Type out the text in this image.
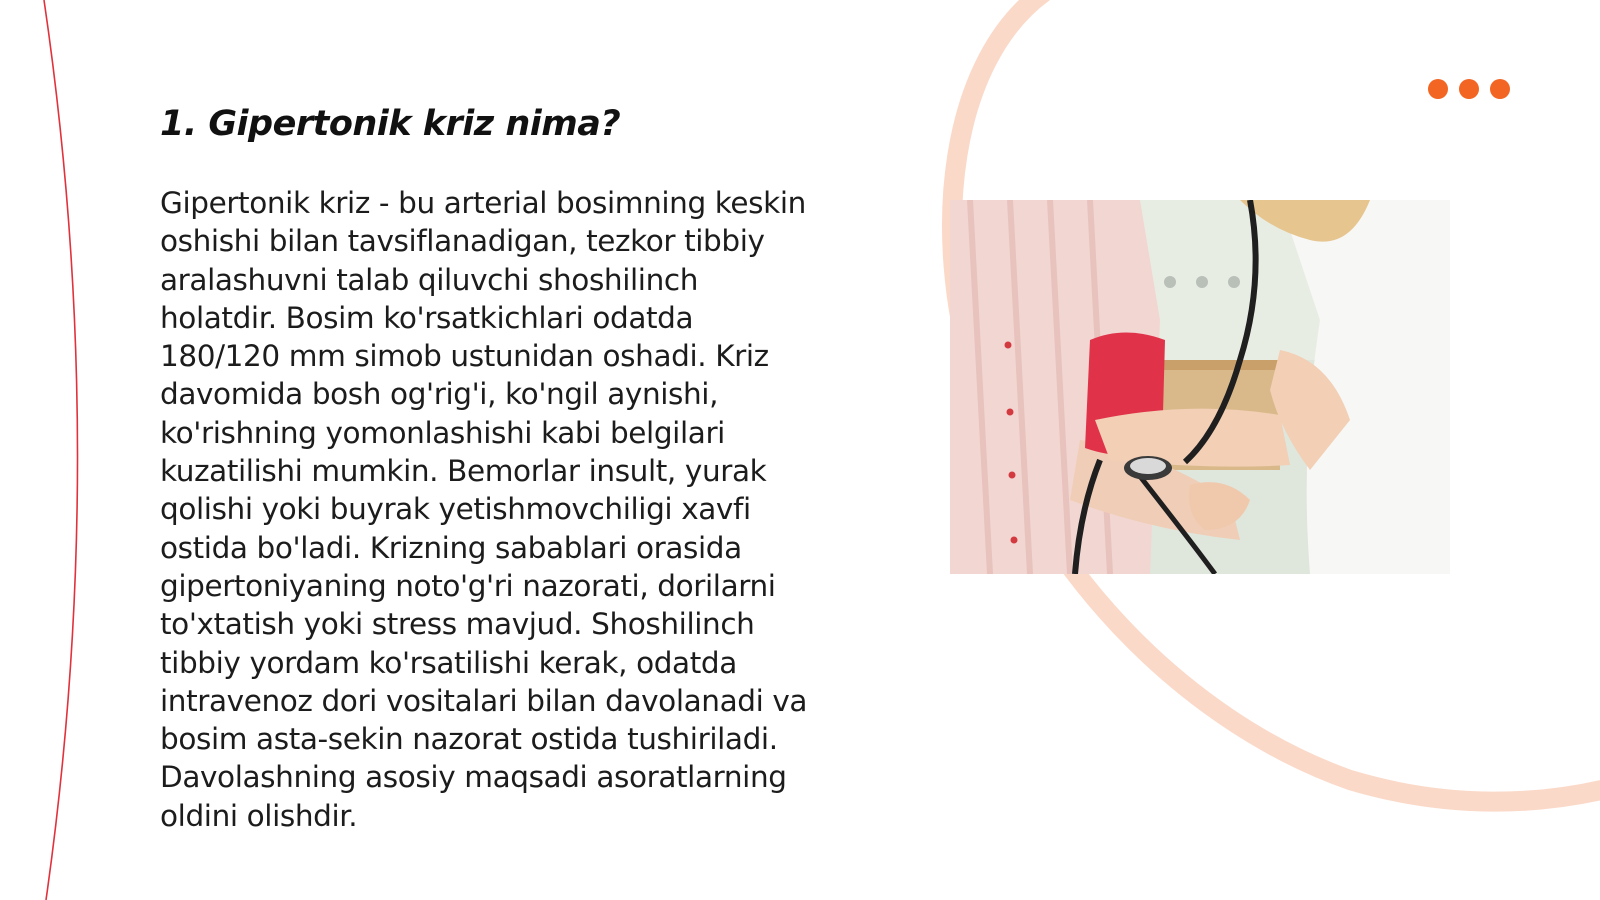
1. Gipertonik kriz nima?

Gipertonik kriz - bu arterial bosimning keskin
oshishi bilan tavsiflanadigan, tezkor tibbiy
aralashuvni talab qiluvchi shoshilinch
holatdir. Bosim ko'rsatkichlari odatda
180/120 mm simob ustunidan oshadi. Kriz
davomida bosh og'rig'i, ko'ngil aynishi,
ko'rishning yomonlashishi kabi belgilari
kuzatilishi mumkin. Bemorlar insult, yurak
qolishi yoki buyrak yetishmovchiligi xavfi
ostida bo'ladi. Krizning sabablari orasida
gipertoniyaning noto'g'ri nazorati, dorilarni
to'xtatish yoki stress mavjud. Shoshilinch
tibbiy yordam ko'rsatilishi kerak, odatda
intravenoz dori vositalari bilan davolanadi va
bosim asta-sekin nazorat ostida tushiriladi.
Davolashning asosiy maqsadi asoratlarning
oldini olishdir.
